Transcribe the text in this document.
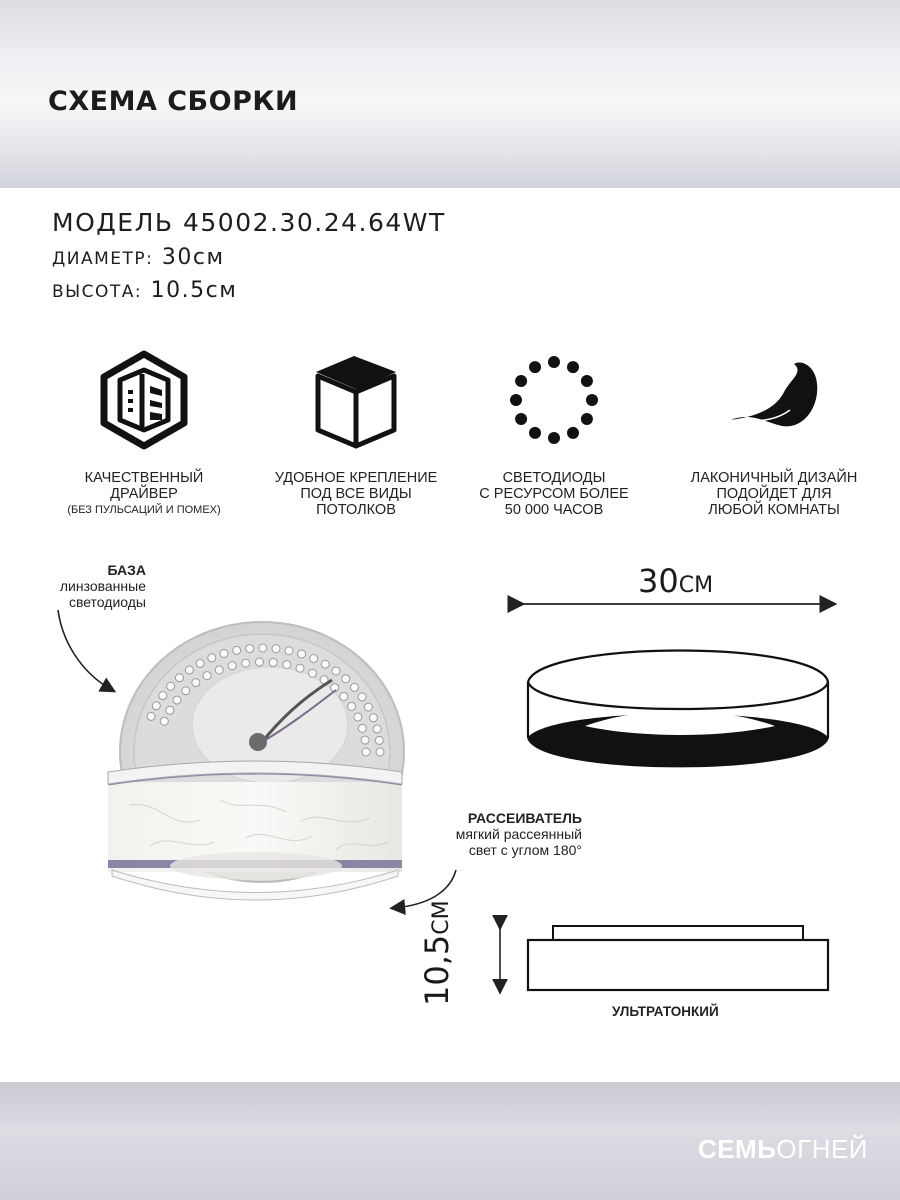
СХЕМА СБОРКИ
МОДЕЛЬ 45002.30.24.64WT
ДИАМЕТР: 30см
ВЫСОТА: 10.5см
КАЧЕСТВЕННЫЙ
ДРАЙВЕР
(БЕЗ ПУЛЬСАЦИЙ И ПОМЕХ)
УДОБНОЕ КРЕПЛЕНИЕ
ПОД ВСЕ ВИДЫ
ПОТОЛКОВ
СВЕТОДИОДЫ
С РЕСУРСОМ БОЛЕЕ
50 000 ЧАСОВ
ЛАКОНИЧНЫЙ ДИЗАЙН
ПОДОЙДЕТ ДЛЯ
ЛЮБОЙ КОМНАТЫ
БАЗА
линзованные
светодиоды
РАССЕИВАТЕЛЬ
мягкий рассеянный
свет с углом 180°
30СМ
10,5СМ
УЛЬТРАТОНКИЙ
СЕМЬОГНЕЙ
